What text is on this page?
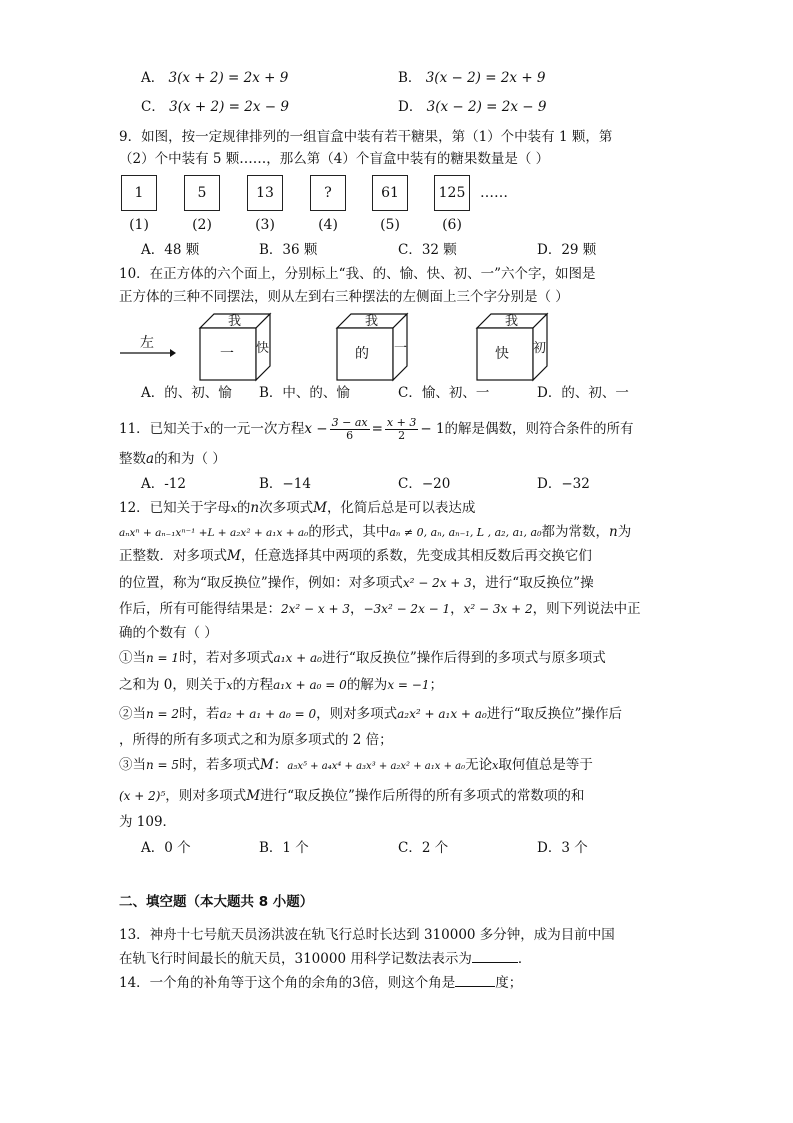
A． 3(x + 2) = 2x + 9	B． 3(x − 2) = 2x + 9
C． 3(x + 2) = 2x − 9	D． 3(x − 2) = 2x − 9
9．如图，按一定规律排列的一组盲盒中装有若干糖果，第（1）个中装有 1 颗，第
（2）个中装有 5 颗……，那么第（4）个盲盒中装有的糖果数量是（ ）
1	5	13	?	61	125	……
(1)	(2)	(3)	(4)	(5)	(6)
A．48 颗	B．36 颗	C．32 颗	D．29 颗
10．在正方体的六个面上，分别标上“我、的、愉、快、初、一”六个字，如图是
正方体的三种不同摆法，则从左到右三种摆法的左侧面上三个字分别是（ ）
左
我
一 快
我
的 一
我
快 初
A．的、初、愉 B．中、的、愉	C．愉、初、一	D．的、初、一
11．已知关于x的一元一次方程$x - \frac{3 - ax}{6} = \frac{x + 3}{2} - 1$的解是偶数，则符合条件的所有
整数a的和为（ ）
A．-12	B．−14	C．−20	D．−32
12．已知关于字母x的n次多项式M，化简后总是可以表达成
aₙxⁿ + aₙ₋₁xⁿ⁻¹ +L + a₂x² + a₁x + a₀的形式，其中aₙ ≠ 0, aₙ, aₙ₋₁, L , a₂, a₁, a₀都为常数，n为
正整数．对多项式M，任意选择其中两项的系数，先变成其相反数后再交换它们
的位置，称为“取反换位”操作，例如：对多项式x² − 2x + 3，进行“取反换位”操
作后，所有可能得结果是：2x² − x + 3，−3x² − 2x − 1，x² − 3x + 2，则下列说法中正
确的个数有（ ）
①当n = 1时，若对多项式a₁x + a₀进行“取反换位”操作后得到的多项式与原多项式
之和为 0，则关于x的方程a₁x + a₀ = 0的解为x = −1；
②当n = 2时，若a₂ + a₁ + a₀ = 0，则对多项式a₂x² + a₁x + a₀进行“取反换位”操作后
，所得的所有多项式之和为原多项式的 2 倍；
③当n = 5时，若多项式M：a₅x⁵ + a₄x⁴ + a₃x³ + a₂x² + a₁x + a₀无论x取何值总是等于
(x + 2)⁵，则对多项式M进行“取反换位”操作后所得的所有多项式的常数项的和
为 109．
A．0 个	B．1 个	C．2 个	D．3 个
二、填空题（本大题共 8 小题）
13．神舟十七号航天员汤洪波在轨飞行总时长达到 310000 多分钟，成为目前中国
在轨飞行时间最长的航天员，310000 用科学记数法表示为	．
14．一个角的补角等于这个角的余角的3倍，则这个角是	度；
